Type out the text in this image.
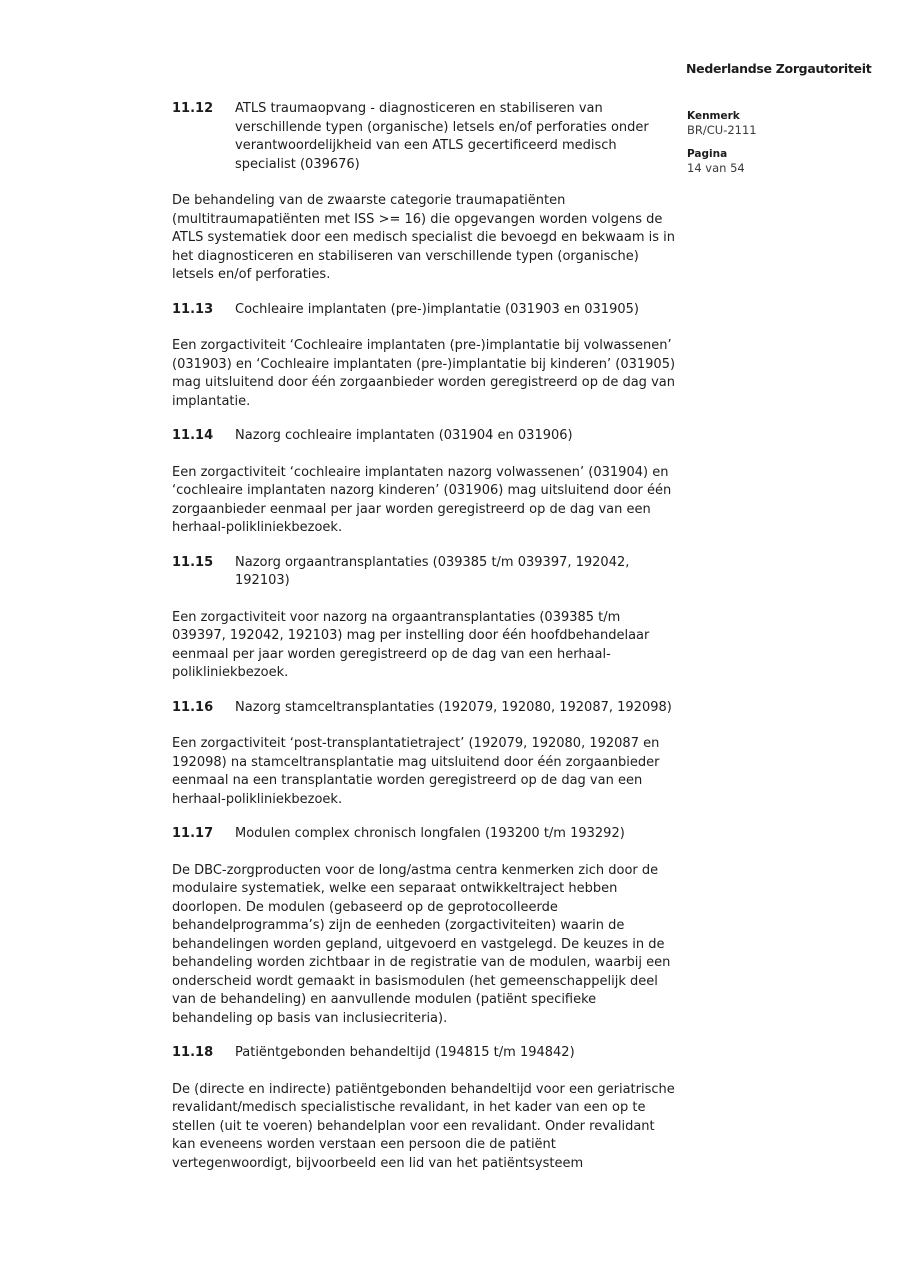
Nederlandse Zorgautoriteit
Kenmerk
BR/CU-2111
Pagina
14 van 54
11.12	ATLS traumaopvang - diagnosticeren en stabiliseren van verschillende typen (organische) letsels en/of perforaties onder verantwoordelijkheid van een ATLS gecertificeerd medisch specialist (039676)

De behandeling van de zwaarste categorie traumapatiënten (multitraumapatiënten met ISS >= 16) die opgevangen worden volgens de ATLS systematiek door een medisch specialist die bevoegd en bekwaam is in het diagnosticeren en stabiliseren van verschillende typen (organische) letsels en/of perforaties.

11.13	Cochleaire implantaten (pre-)implantatie (031903 en 031905)

Een zorgactiviteit ‘Cochleaire implantaten (pre-)implantatie bij volwassenen’ (031903) en ‘Cochleaire implantaten (pre-)implantatie bij kinderen’ (031905) mag uitsluitend door één zorgaanbieder worden geregistreerd op de dag van implantatie.

11.14	Nazorg cochleaire implantaten (031904 en 031906)

Een zorgactiviteit ‘cochleaire implantaten nazorg volwassenen’ (031904) en ‘cochleaire implantaten nazorg kinderen’ (031906) mag uitsluitend door één zorgaanbieder eenmaal per jaar worden geregistreerd op de dag van een herhaal-polikliniekbezoek.

11.15	Nazorg orgaantransplantaties (039385 t/m 039397, 192042, 192103)

Een zorgactiviteit voor nazorg na orgaantransplantaties (039385 t/m 039397, 192042, 192103) mag per instelling door één hoofdbehandelaar eenmaal per jaar worden geregistreerd op de dag van een herhaal-polikliniekbezoek.

11.16	Nazorg stamceltransplantaties (192079, 192080, 192087, 192098)

Een zorgactiviteit ‘post-transplantatietraject’ (192079, 192080, 192087 en 192098) na stamceltransplantatie mag uitsluitend door één zorgaanbieder eenmaal na een transplantatie worden geregistreerd op de dag van een herhaal-polikliniekbezoek.

11.17	Modulen complex chronisch longfalen (193200 t/m 193292)

De DBC-zorgproducten voor de long/astma centra kenmerken zich door de modulaire systematiek, welke een separaat ontwikkeltraject hebben doorlopen. De modulen (gebaseerd op de geprotocolleerde behandelprogramma’s) zijn de eenheden (zorgactiviteiten) waarin de behandelingen worden gepland, uitgevoerd en vastgelegd. De keuzes in de behandeling worden zichtbaar in de registratie van de modulen, waarbij een onderscheid wordt gemaakt in basismodulen (het gemeenschappelijk deel van de behandeling) en aanvullende modulen (patiënt specifieke behandeling op basis van inclusiecriteria).

11.18	Patiëntgebonden behandeltijd (194815 t/m 194842)

De (directe en indirecte) patiëntgebonden behandeltijd voor een geriatrische revalidant/medisch specialistische revalidant, in het kader van een op te stellen (uit te voeren) behandelplan voor een revalidant. Onder revalidant kan eveneens worden verstaan een persoon die de patiënt vertegenwoordigt, bijvoorbeeld een lid van het patiëntsysteem
